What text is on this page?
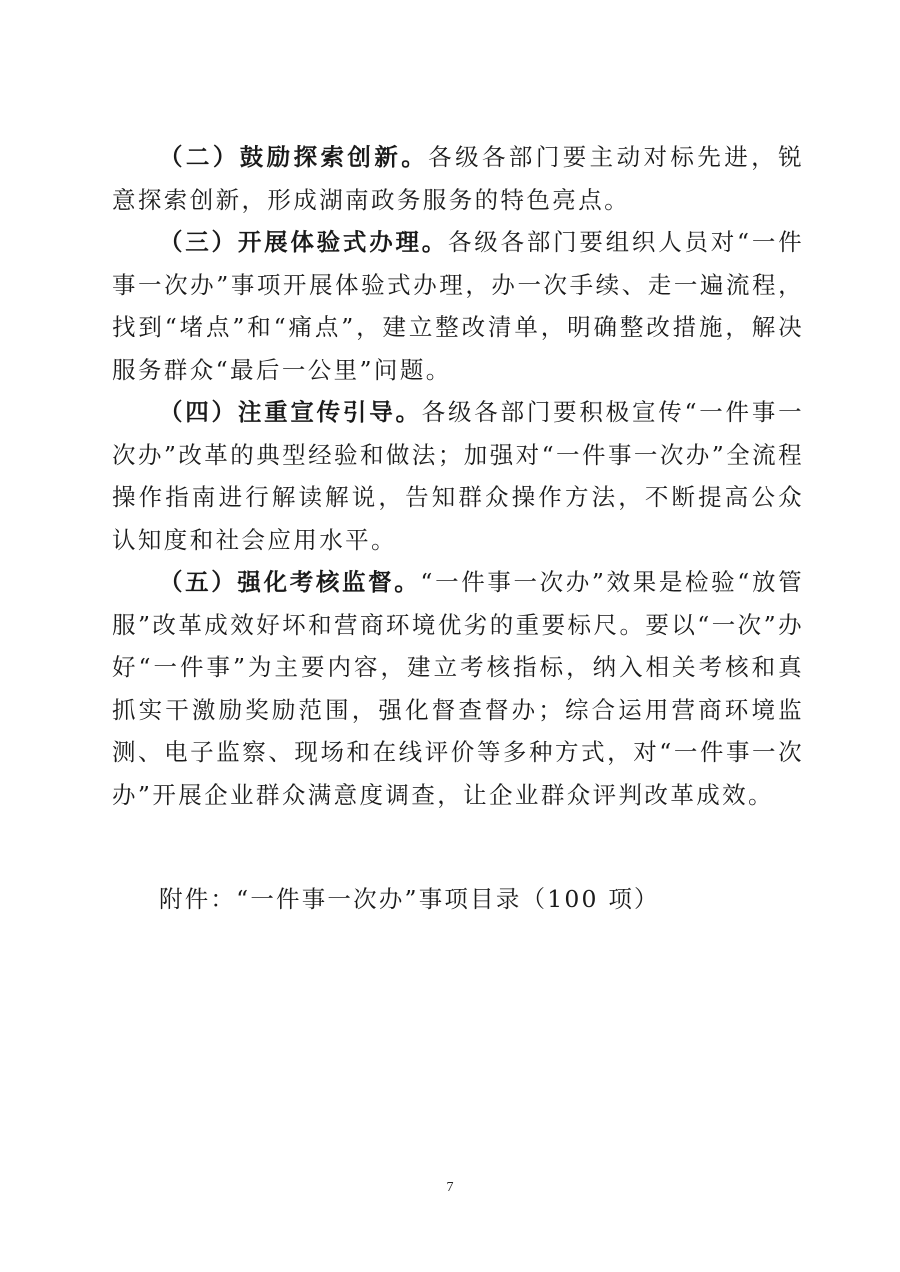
（二）鼓励探索创新。各级各部门要主动对标先进，锐意探索创新，形成湖南政务服务的特色亮点。

（三）开展体验式办理。各级各部门要组织人员对“一件事一次办”事项开展体验式办理，办一次手续、走一遍流程，找到“堵点”和“痛点”，建立整改清单，明确整改措施，解决服务群众“最后一公里”问题。

（四）注重宣传引导。各级各部门要积极宣传“一件事一次办”改革的典型经验和做法；加强对“一件事一次办”全流程操作指南进行解读解说，告知群众操作方法，不断提高公众认知度和社会应用水平。

（五）强化考核监督。“一件事一次办”效果是检验“放管服”改革成效好坏和营商环境优劣的重要标尺。要以“一次”办好“一件事”为主要内容，建立考核指标，纳入相关考核和真抓实干激励奖励范围，强化督查督办；综合运用营商环境监测、电子监察、现场和在线评价等多种方式，对“一件事一次办”开展企业群众满意度调查，让企业群众评判改革成效。

附件：“一件事一次办”事项目录（100 项）

7
